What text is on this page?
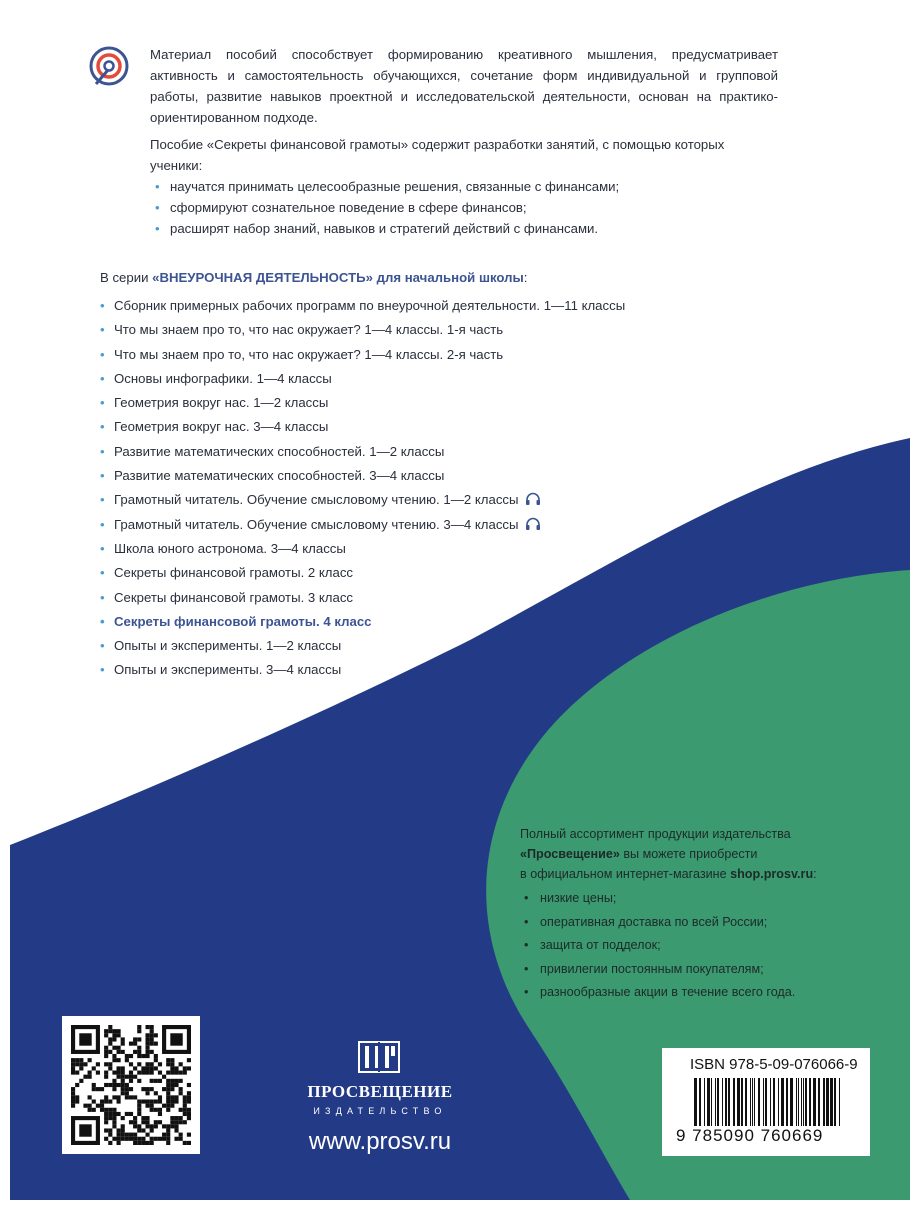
Материал пособий способствует формированию креативного мышления, предусматривает активность и самостоятельность обучающихся, сочетание форм индивидуальной и групповой работы, развитие навыков проектной и исследовательской деятельности, основан на практико-ориентированном подходе.

Пособие «Секреты финансовой грамоты» содержит разработки занятий, с помощью которых ученики:

• научатся принимать целесообразные решения, связанные с финансами;
• сформируют сознательное поведение в сфере финансов;
• расширят набор знаний, навыков и стратегий действий с финансами.

В серии «ВНЕУРОЧНАЯ ДЕЯТЕЛЬНОСТЬ» для начальной школы:

• Сборник примерных рабочих программ по внеурочной деятельности. 1—11 классы
• Что мы знаем про то, что нас окружает? 1—4 классы. 1-я часть
• Что мы знаем про то, что нас окружает? 1—4 классы. 2-я часть
• Основы инфографики. 1—4 классы
• Геометрия вокруг нас. 1—2 классы
• Геометрия вокруг нас. 3—4 классы
• Развитие математических способностей. 1—2 классы
• Развитие математических способностей. 3—4 классы
• Грамотный читатель. Обучение смысловому чтению. 1—2 классы
• Грамотный читатель. Обучение смысловому чтению. 3—4 классы
• Школа юного астронома. 3—4 классы
• Секреты финансовой грамоты. 2 класс
• Секреты финансовой грамоты. 3 класс
• Секреты финансовой грамоты. 4 класс
• Опыты и эксперименты. 1—2 классы
• Опыты и эксперименты. 3—4 классы

Полный ассортимент продукции издательства

«Просвещение» вы можете приобрести

в официальном интернет-магазине shop.prosv.ru:

• низкие цены;
• оперативная доставка по всей России;
• защита от подделок;
• привилегии постоянным покупателям;
• разнообразные акции в течение всего года.
ПРОСВЕЩЕНИЕ
ИЗДАТЕЛЬСТВО
www.prosv.ru
ISBN 978-5-09-076066-9
9 785090 760669
